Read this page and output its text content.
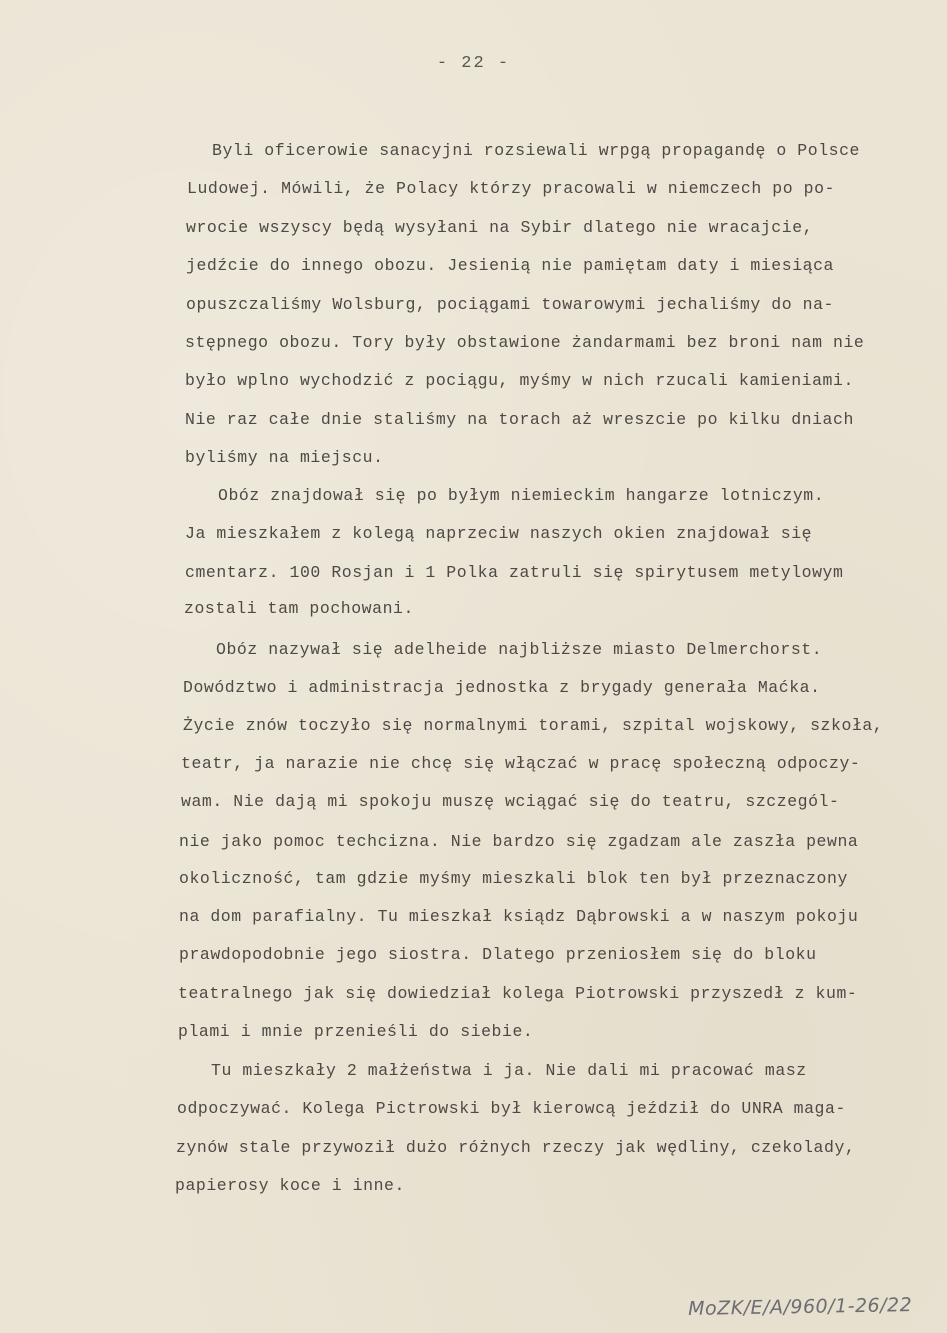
- 22 -
Byli oficerowie sanacyjni rozsiewali wrpgą propagandę o Polsce
Ludowej. Mówili, że Polacy którzy pracowali w niemczech po po-
wrocie wszyscy będą wysyłani na Sybir dlatego nie wracajcie,
jedźcie do innego obozu. Jesienią nie pamiętam daty i miesiąca
opuszczaliśmy Wolsburg, pociągami towarowymi jechaliśmy do na-
stępnego obozu. Tory były obstawione żandarmami bez broni nam nie
było wplno wychodzić z pociągu, myśmy w nich rzucali kamieniami.
Nie raz całe dnie staliśmy na torach aż wreszcie po kilku dniach
byliśmy na miejscu.
Obóz znajdował się po byłym niemieckim hangarze lotniczym.
Ja mieszkałem z kolegą naprzeciw naszych okien znajdował się
cmentarz. 100 Rosjan i 1 Polka zatruli się spirytusem metylowym
zostali tam pochowani.
Obóz nazywał się adelheide najbliższe miasto Delmerchorst.
Dowództwo i administracja jednostka z brygady generała Maćka.
Życie znów toczyło się normalnymi torami, szpital wojskowy, szkoła,
teatr, ja narazie nie chcę się włączać w pracę społeczną odpoczy-
wam. Nie dają mi spokoju muszę wciągać się do teatru, szczegól-
nie jako pomoc techcizna. Nie bardzo się zgadzam ale zaszła pewna
okoliczność, tam gdzie myśmy mieszkali blok ten był przeznaczony
na dom parafialny. Tu mieszkał ksiądz Dąbrowski a w naszym pokoju
prawdopodobnie jego siostra. Dlatego przeniosłem się do bloku
teatralnego jak się dowiedział kolega Piotrowski przyszedł z kum-
plami i mnie przenieśli do siebie.
Tu mieszkały 2 małżeństwa i ja. Nie dali mi pracować masz
odpoczywać. Kolega Pictrowski był kierowcą jeździł do UNRA maga-
zynów stale przywoził dużo różnych rzeczy jak wędliny, czekolady,
papierosy koce i inne.
MoZK/E/A/960/1-26/22
